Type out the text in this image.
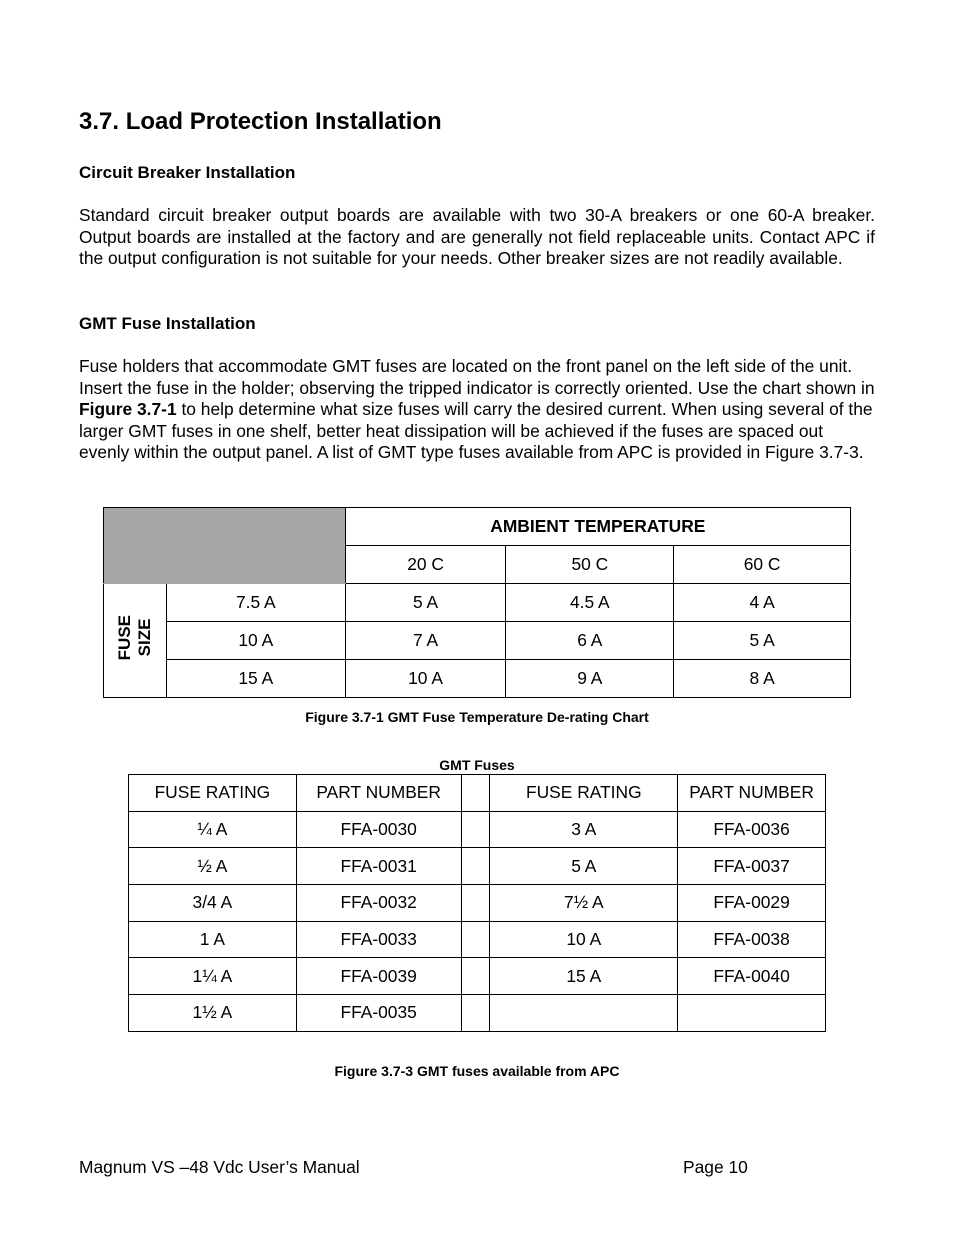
3.7. Load Protection Installation
Circuit Breaker Installation
Standard circuit breaker output boards are available with two 30-A breakers or one 60-A breaker. Output boards are installed at the factory and are generally not field replaceable units. Contact APC if the output configuration is not suitable for your needs. Other breaker sizes are not readily available.
GMT Fuse Installation
Fuse holders that accommodate GMT fuses are located on the front panel on the left side of the unit. Insert the fuse in the holder; observing the tripped indicator is correctly oriented. Use the chart shown in Figure 3.7-1 to help determine what size fuses will carry the desired current. When using several of the larger GMT fuses in one shelf, better heat dissipation will be achieved if the fuses are spaced out evenly within the output panel. A list of GMT type fuses available from APC is provided in Figure 3.7-3.
		AMBIENT TEMPERATURE		
		20 C	50 C	60 C
FUSE
SIZE	7.5 A	5 A	4.5 A	4 A
	10 A	7 A	6 A	5 A
	15 A	10 A	9 A	8 A
Figure 3.7-1 GMT Fuse Temperature De-rating Chart
GMT Fuses
FUSE RATING	PART NUMBER		FUSE RATING	PART NUMBER
¼ A	FFA-0030		3 A	FFA-0036
½ A	FFA-0031		5 A	FFA-0037
3/4 A	FFA-0032		7½ A	FFA-0029
1 A	FFA-0033		10 A	FFA-0038
1¼ A	FFA-0039		15 A	FFA-0040
1½ A	FFA-0035			
Figure 3.7-3 GMT fuses available from APC
Magnum VS –48 Vdc User’s Manual	Page 10
